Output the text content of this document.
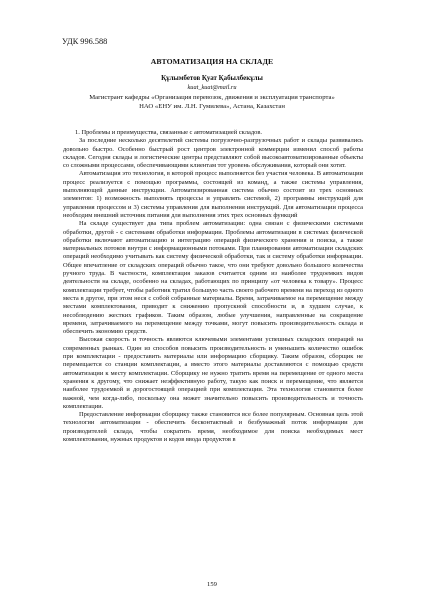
УДК 996.588
АВТОМАТИЗАЦИЯ НА СКЛАДЕ
Құлымбетов Қуат Қабылбекұлы
kuat_kuat@mail.ru
Магистрант кафедры «Организация перевозок, движения и эксплуатация транспорта»
НАО «ЕНУ им. Л.Н. Гумилева», Астана, Казахстан

1. Проблемы и преимущества, связанные с автоматизацией складов.

За последние несколько десятилетий системы погрузочно-разгрузочных работ и склады развивались довольно быстро. Особенно быстрый рост центров электронной коммерции изменил способ работы складов. Сегодня склады и логистические центры представляют собой высокоавтоматизированные объекты со сложными процессами, обеспечивающими клиентам тот уровень обслуживания, который они хотят.

Автоматизация это технология, в которой процесс выполняется без участия человека. В автоматизации процесс реализуется с помощью программы, состоящей из команд, а также системы управления, выполняющей данные инструкции. Автоматизированная система обычно состоит из трех основных элементов: 1) возможность выполнять процессы и управлять системой, 2) программы инструкций для управления процессом и 3) системы управления для выполнения инструкций. Для автоматизации процесса необходим внешний источник питания для выполнения этих трех основных функций

На складе существует два типа проблем автоматизации: одна связан с физическими системами обработки, другой - с системами обработки информации. Проблемы автоматизации в системах физической обработки включают автоматизацию и интеграцию операций физического хранения и поиска, а также материальных потоков внутри с информационными потоками. При планировании автоматизации складских операций необходимо учитывать как систему физической обработки, так и систему обработки информации. Общее впечатление от складских операций обычно такое, что они требуют довольно большого количества ручного труда. В частности, комплектация заказов считается одним из наиболее трудоемких видов деятельности на складе, особенно на складах, работающих по принципу «от человека к товару». Процесс комплектации требует, чтобы работник тратил большую часть своего рабочего времени на переход из одного места в другое, при этом неся с собой собранные материалы. Время, затрачиваемое на перемещение между местами комплектования, приводит к снижению пропускной способности и, в худшем случае, к несоблюдению жестких графиков. Таким образом, любые улучшения, направленные на сокращение времени, затрачиваемого на перемещение между точками, могут повысить производительность склада и обеспечить экономию средств.

Высокая скорость и точность являются ключевыми элементами успешных складских операций на современных рынках. Один из способов повысить производительность и уменьшить количество ошибок при комплектации - предоставить материалы или информацию сборщику. Таким образом, сборщик не перемещается со станции комплектации, а вместо этого материалы доставляются с помощью средств автоматизации к месту комплектации. Сборщику не нужно тратить время на перемещение от одного места хранения к другому, что снижает неэффективную работу, такую как поиск и перемещение, что является наиболее трудоемкой и дорогостоящей операцией при комплектации. Эта технология становится более важной, чем когда-либо, поскольку она может значительно повысить производительность и точность комплектации.

Предоставление информации сборщику также становится все более популярным. Основная цель этой технологии автоматизации - обеспечить бесконтактный и безбумажный поток информации для производителей склада, чтобы сократить время, необходимое для поиска необходимых мест комплектования, нужных продуктов и кодов ввода продуктов в

159
